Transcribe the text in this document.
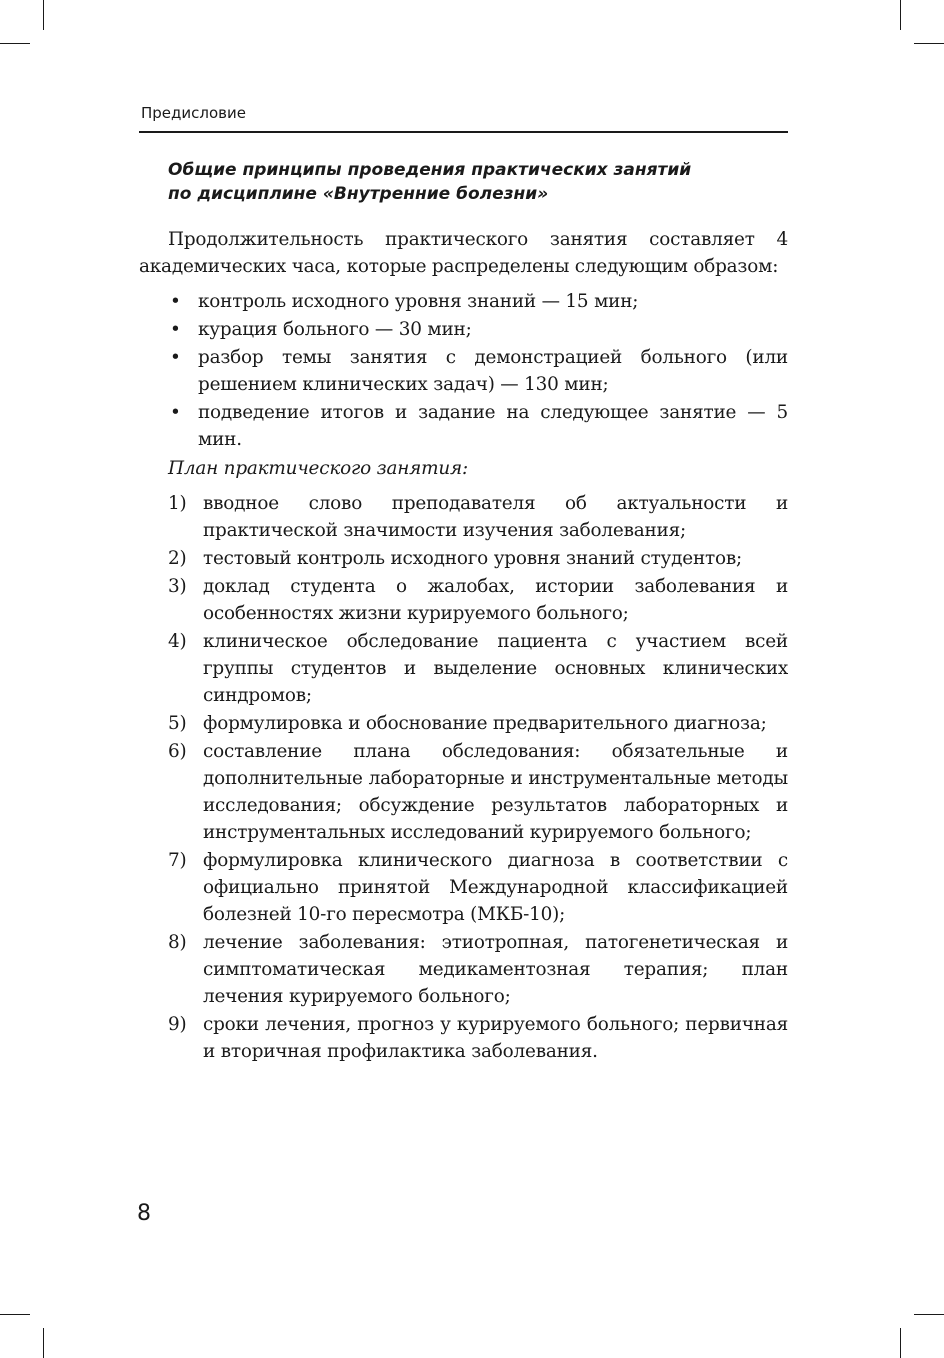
Предисловие
Общие принципы проведения практических занятий
по дисциплине «Внутренние болезни»

Продолжительность практического занятия составляет 4 академических часа, которые распределены следующим образом:

• контроль исходного уровня знаний — 15 мин;
• курация больного — 30 мин;
• разбор темы занятия с демонстрацией больного (или решением клинических задач) — 130 мин;
• подведение итогов и задание на следующее занятие — 5 мин.

План практического занятия:

1) вводное слово преподавателя об актуальности и практической значимости изучения заболевания;
2) тестовый контроль исходного уровня знаний студентов;
3) доклад студента о жалобах, истории заболевания и особенностях жизни курируемого больного;
4) клиническое обследование пациента с участием всей группы студентов и выделение основных клинических синдромов;
5) формулировка и обоснование предварительного диагноза;
6) составление плана обследования: обязательные и дополнительные лабораторные и инструментальные методы исследования; обсуждение результатов лабораторных и инструментальных исследований курируемого больного;
7) формулировка клинического диагноза в соответствии с официально принятой Международной классификацией болезней 10-го пересмотра (МКБ-10);
8) лечение заболевания: этиотропная, патогенетическая и симптоматическая медикаментозная терапия; план лечения курируемого больного;
9) сроки лечения, прогноз у курируемого больного; первичная и вторичная профилактика заболевания.
8
